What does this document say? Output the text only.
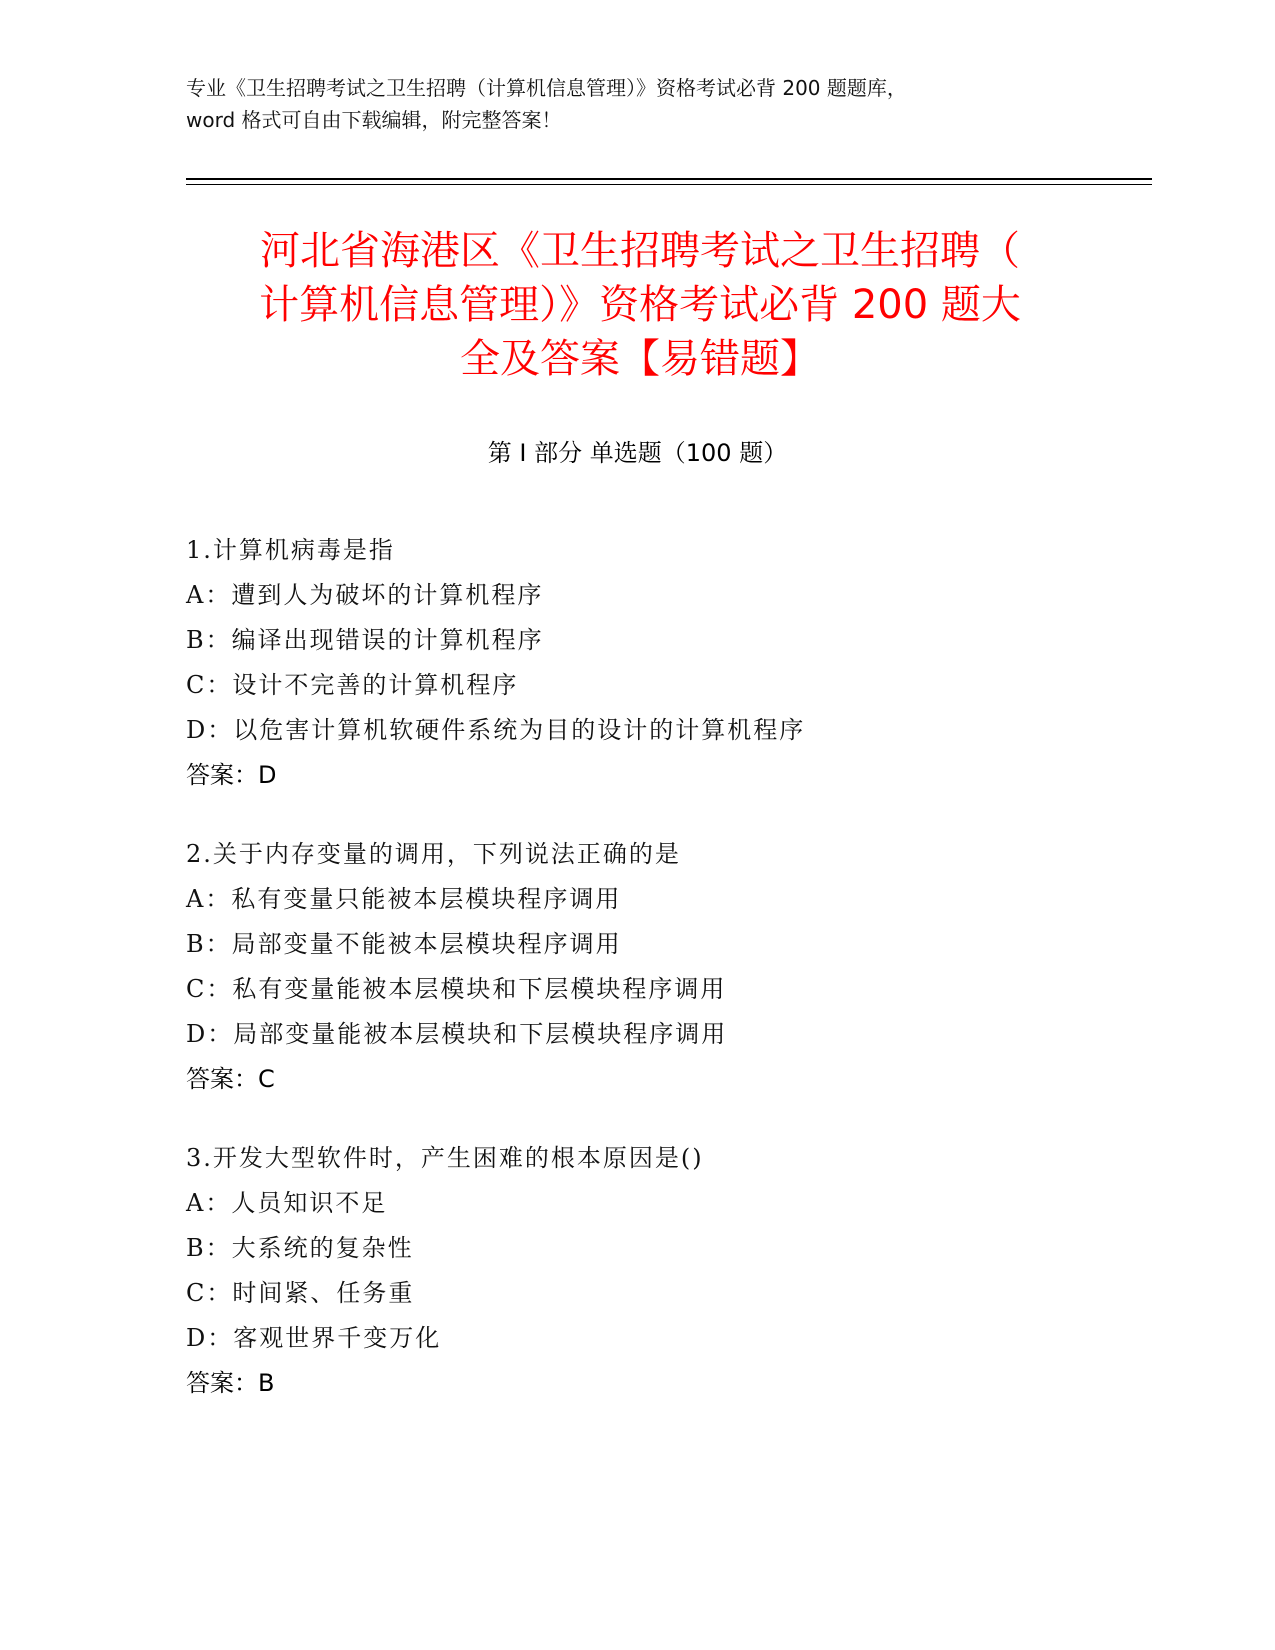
专业《卫生招聘考试之卫生招聘（计算机信息管理）》资格考试必背 200 题题库，
word 格式可自由下载编辑，附完整答案！
河北省海港区《卫生招聘考试之卫生招聘（
计算机信息管理）》资格考试必背 200 题大
全及答案【易错题】
第 I 部分 单选题（100 题）
1.计算机病毒是指
A：遭到人为破坏的计算机程序
B：编译出现错误的计算机程序
C：设计不完善的计算机程序
D：以危害计算机软硬件系统为目的设计的计算机程序
答案：D
2.关于内存变量的调用，下列说法正确的是
A：私有变量只能被本层模块程序调用
B：局部变量不能被本层模块程序调用
C：私有变量能被本层模块和下层模块程序调用
D：局部变量能被本层模块和下层模块程序调用
答案：C
3.开发大型软件时，产生困难的根本原因是()
A：人员知识不足
B：大系统的复杂性
C：时间紧、任务重
D：客观世界千变万化
答案：B
